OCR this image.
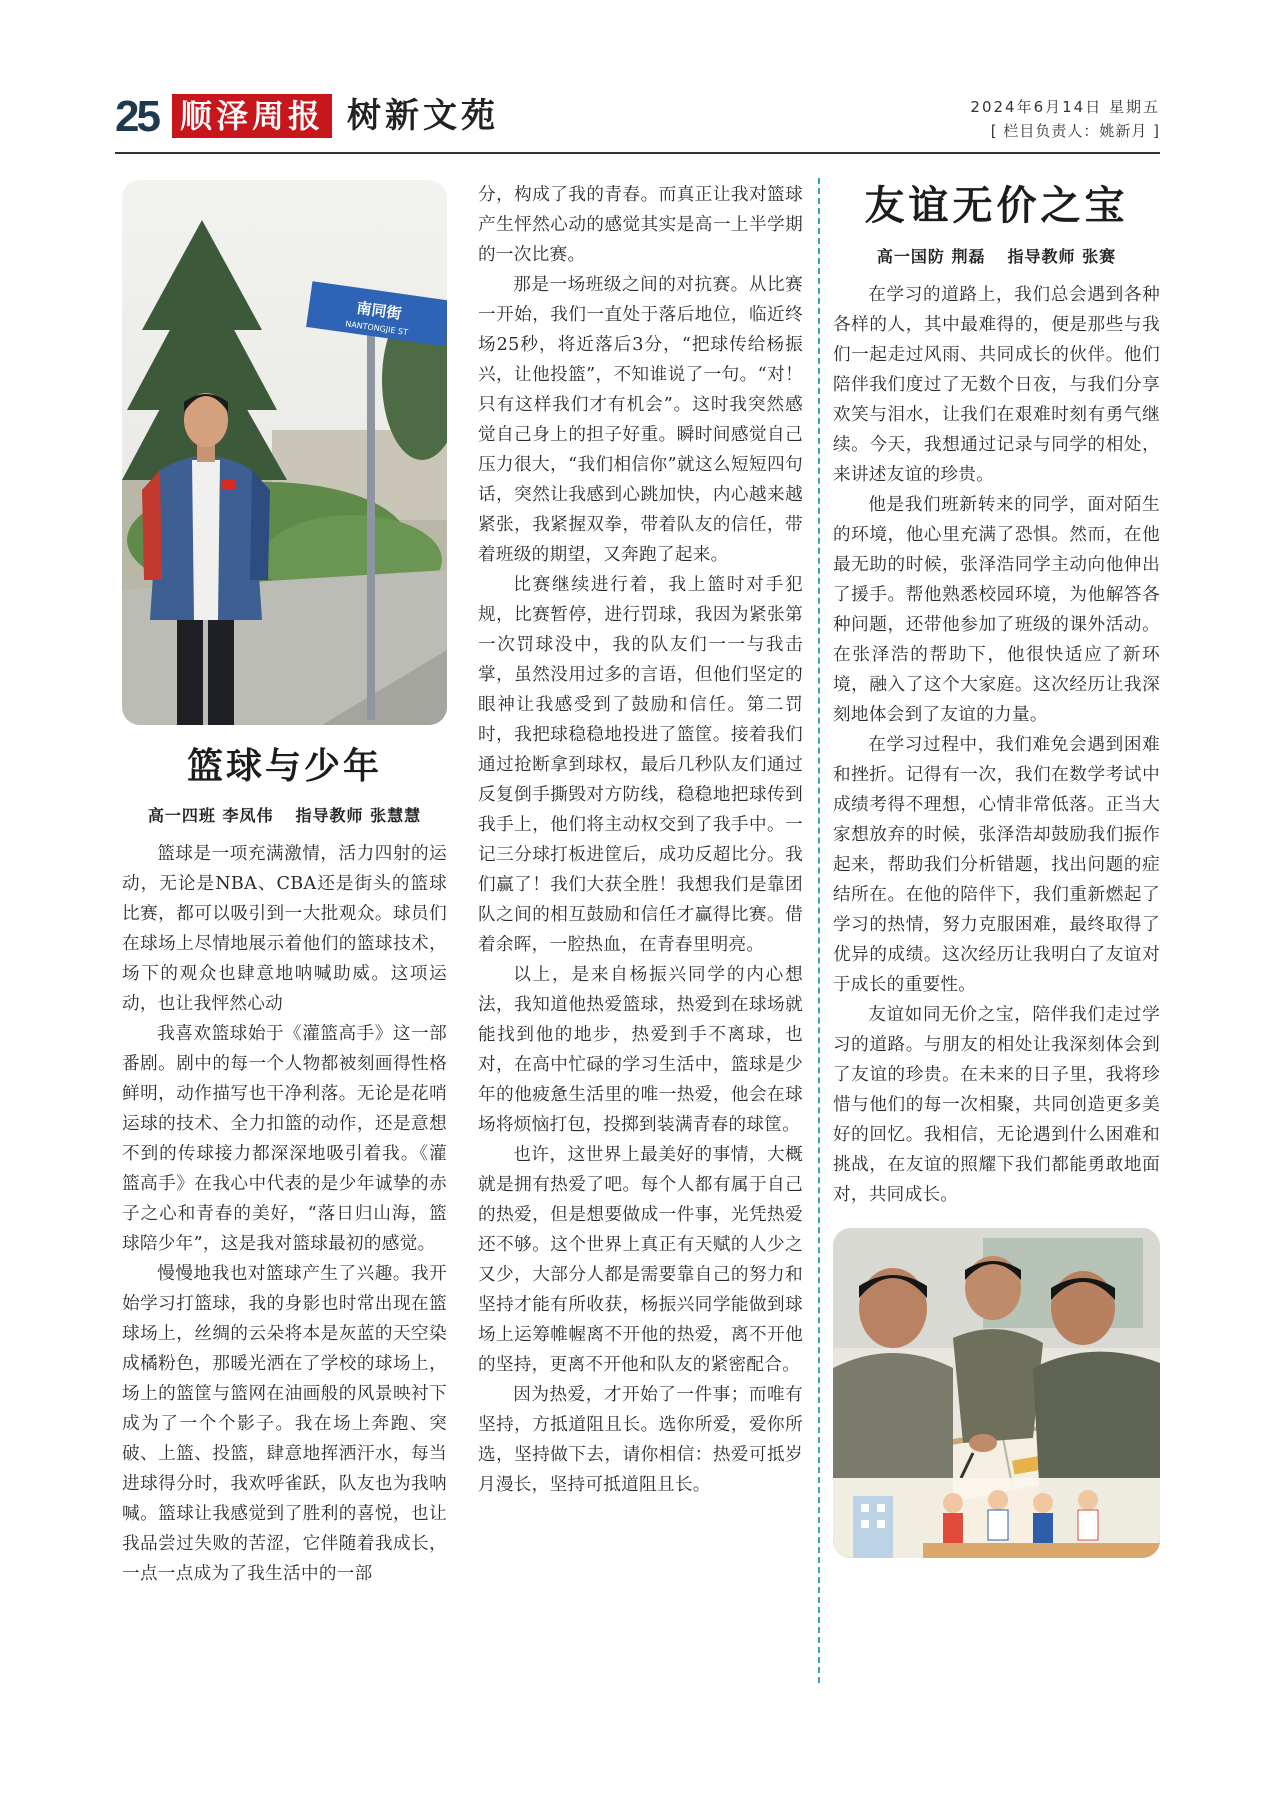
25 顺泽周报 树新文苑	2024年6月14日 星期五
[ 栏目负责人：姚新月 ]
南同街
NANTONGJIE ST
篮球与少年
高一四班 李凤伟 指导教师 张慧慧

篮球是一项充满激情，活力四射的运动，无论是NBA、CBA还是街头的篮球比赛，都可以吸引到一大批观众。球员们在球场上尽情地展示着他们的篮球技术，场下的观众也肆意地呐喊助威。这项运动，也让我怦然心动

我喜欢篮球始于《灌篮高手》这一部番剧。剧中的每一个人物都被刻画得性格鲜明，动作描写也干净利落。无论是花哨运球的技术、全力扣篮的动作，还是意想不到的传球接力都深深地吸引着我。《灌篮高手》在我心中代表的是少年诚挚的赤子之心和青春的美好，“落日归山海，篮球陪少年”，这是我对篮球最初的感觉。

慢慢地我也对篮球产生了兴趣。我开始学习打篮球，我的身影也时常出现在篮球场上，丝绸的云朵将本是灰蓝的天空染成橘粉色，那暖光洒在了学校的球场上，场上的篮筐与篮网在油画般的风景映衬下成为了一个个影子。我在场上奔跑、突破、上篮、投篮，肆意地挥洒汗水，每当进球得分时，我欢呼雀跃，队友也为我呐喊。篮球让我感觉到了胜利的喜悦，也让我品尝过失败的苦涩，它伴随着我成长，一点一点成为了我生活中的一部

分，构成了我的青春。而真正让我对篮球产生怦然心动的感觉其实是高一上半学期的一次比赛。

那是一场班级之间的对抗赛。从比赛一开始，我们一直处于落后地位，临近终场25秒，将近落后3分，“把球传给杨振兴，让他投篮”，不知谁说了一句。“对！只有这样我们才有机会”。这时我突然感觉自己身上的担子好重。瞬时间感觉自己压力很大，“我们相信你”就这么短短四句话，突然让我感到心跳加快，内心越来越紧张，我紧握双拳，带着队友的信任，带着班级的期望，又奔跑了起来。

比赛继续进行着，我上篮时对手犯规，比赛暂停，进行罚球，我因为紧张第一次罚球没中，我的队友们一一与我击掌，虽然没用过多的言语，但他们坚定的眼神让我感受到了鼓励和信任。第二罚时，我把球稳稳地投进了篮筐。接着我们通过抢断拿到球权，最后几秒队友们通过反复倒手撕毁对方防线，稳稳地把球传到我手上，他们将主动权交到了我手中。一记三分球打板进筐后，成功反超比分。我们赢了！我们大获全胜！我想我们是靠团队之间的相互鼓励和信任才赢得比赛。借着余晖，一腔热血，在青春里明亮。

以上，是来自杨振兴同学的内心想法，我知道他热爱篮球，热爱到在球场就能找到他的地步，热爱到手不离球，也对，在高中忙碌的学习生活中，篮球是少年的他疲惫生活里的唯一热爱，他会在球场将烦恼打包，投掷到装满青春的球筐。

也许，这世界上最美好的事情，大概就是拥有热爱了吧。每个人都有属于自己的热爱，但是想要做成一件事，光凭热爱还不够。这个世界上真正有天赋的人少之又少，大部分人都是需要靠自己的努力和坚持才能有所收获，杨振兴同学能做到球场上运筹帷幄离不开他的热爱，离不开他的坚持，更离不开他和队友的紧密配合。

因为热爱，才开始了一件事；而唯有坚持，方抵道阻且长。选你所爱，爱你所选，坚持做下去，请你相信：热爱可抵岁月漫长，坚持可抵道阻且长。

友谊无价之宝
高一国防 荆磊 指导教师 张赛

在学习的道路上，我们总会遇到各种各样的人，其中最难得的，便是那些与我们一起走过风雨、共同成长的伙伴。他们陪伴我们度过了无数个日夜，与我们分享欢笑与泪水，让我们在艰难时刻有勇气继续。今天，我想通过记录与同学的相处，来讲述友谊的珍贵。

他是我们班新转来的同学，面对陌生的环境，他心里充满了恐惧。然而，在他最无助的时候，张泽浩同学主动向他伸出了援手。帮他熟悉校园环境，为他解答各种问题，还带他参加了班级的课外活动。在张泽浩的帮助下，他很快适应了新环境，融入了这个大家庭。这次经历让我深刻地体会到了友谊的力量。

在学习过程中，我们难免会遇到困难和挫折。记得有一次，我们在数学考试中成绩考得不理想，心情非常低落。正当大家想放弃的时候，张泽浩却鼓励我们振作起来，帮助我们分析错题，找出问题的症结所在。在他的陪伴下，我们重新燃起了学习的热情，努力克服困难，最终取得了优异的成绩。这次经历让我明白了友谊对于成长的重要性。

友谊如同无价之宝，陪伴我们走过学习的道路。与朋友的相处让我深刻体会到了友谊的珍贵。在未来的日子里，我将珍惜与他们的每一次相聚，共同创造更多美好的回忆。我相信，无论遇到什么困难和挑战，在友谊的照耀下我们都能勇敢地面对，共同成长。
